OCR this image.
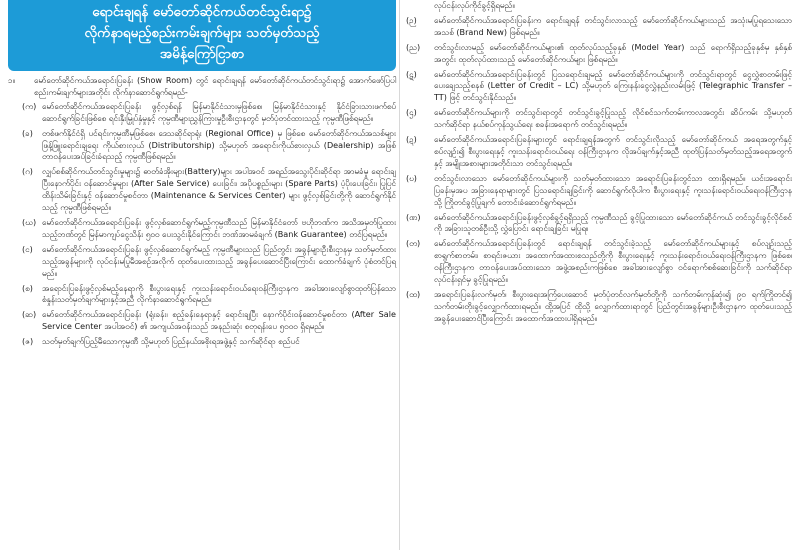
ရောင်းချရန် မော်တော်ဆိုင်ကယ်တင်သွင်းရာ၌
လိုက်နာရမည့်စည်းကမ်းချက်များ သတ်မှတ်သည့်
အမိန့်ကြော်ငြာစာ
၁။	မော်တော်ဆိုင်ကယ်အရောင်းပြခန်း (Show Room) တွင် ရောင်းချရန် မော်တော်ဆိုင်ကယ်တင်သွင်းရာ၌ အောက်ဖော်ပြပါ စည်းကမ်းချက်များအတိုင်း လိုက်နာဆောင်ရွက်ရမည်-
(က) မော်တော်ဆိုင်ကယ်အရောင်းပြခန်း ဖွင့်လှစ်ရန် မြန်မာနိုင်ငံသားမှဖြစ်စေ၊ မြန်မာနိုင်ငံသားနှင့် နိုင်ငံခြားသားဖက်စပ်ဆောင်ရွက်ခြင်းဖြစ်စေ ရင်းနှီးမြှုပ်နှံမှုနှင့် ကုမ္ပဏီများညွှန်ကြားမှုဦးစီးဌာနတွင် မှတ်ပုံတင်ထားသည့် ကုမ္ပဏီဖြစ်ရမည်။
(ခ)	တစ်ဖက်နိုင်ငံရှိ ပင်ရင်းကုမ္ပဏီမှဖြစ်စေ၊ ဒေသဆိုင်ရာရုံး (Regional Office) မှ ဖြစ်စေ မော်တော်ဆိုင်ကယ်အသစ်များ ဖြန့်ဖြူးရောင်းချရေး ကိုယ်စားလှယ် (Distributorship) သို့မဟုတ် အရောင်းကိုယ်စားလှယ် (Dealership) အဖြစ် တာဝန်ပေးအပ်ခြင်းခံရသည့် ကုမ္ပဏီဖြစ်ရမည်။
(ဂ)	လျှပ်စစ်ဆိုင်ကယ်တင်သွင်းမှုများ၌ ဓာတ်ခံအိုးများ(Battery)များ အပါအဝင် အရည်အသွေးပိုင်းဆိုင်ရာ အာမခံမှု ရောင်းချပြီးနောက်ပိုင်း ဝန်ဆောင်မှုများ (After Sale Service) ပေးခြင်း၊ အပိုပစ္စည်းများ (Spare Parts) ပံ့ပိုးပေးခြင်း၊ ပြုပြင်ထိန်းသိမ်းခြင်းနှင့် ဝန်ဆောင်မှုစင်တာ (Maintenance & Services Center) များ ဖွင့်လှစ်ခြင်းတို့ကို ဆောင်ရွက်နိုင်သည့် ကုမ္ပဏီဖြစ်ရမည်။
(ဃ) မော်တော်ဆိုင်ကယ်အရောင်းပြခန်း ဖွင့်လှစ်ဆောင်ရွက်မည့်ကုမ္ပဏီသည် မြန်မာနိုင်ငံတော် ဗဟိုဘဏ်က အသိအမှတ်ပြုထားသည့်ဘဏ်တွင် မြန်မာကျပ်ငွေသိန်း ၅၀၀ ပေးသွင်းနိုင်ကြောင်း ဘဏ်အာမခံချက် (Bank Guarantee) တင်ပြရမည်။
(င)	မော်တော်ဆိုင်ကယ်အရောင်းပြခန်း ဖွင့်လှစ်ဆောင်ရွက်မည့် ကုမ္ပဏီများသည် ပြည်တွင်း အခွန်များဦးစီးဌာနမှ သတ်မှတ်ထားသည့်အခွန်များကို လုပ်ငန်းမပြုမီအစဉ်အလိုက် ထုတ်ပေးထားသည့် အခွန်ပေးဆောင်ပြီးကြောင်း ထောက်ခံချက် ပုံစံတင်ပြရမည်။
(စ)	အရောင်းပြခန်းဖွင့်လှစ်မည့်နေရာကို စီးပွားရေးနှင့် ကူးသန်းရောင်းဝယ်ရေးဝန်ကြီးဌာနက အခါအားလျော်စွာထုတ်ပြန်သော စံနှုန်းသတ်မှတ်ချက်များနှင့်အညီ လိုက်နာဆောင်ရွက်ရမည်။
(ဆ) မော်တော်ဆိုင်ကယ်အရောင်းပြခန်း (ရုံးခန်း၊ စည့်ခန်းနေရာနှင့် ရောင်းချပြီး နောက်ပိုင်းဝန်ဆောင်မှုစင်တာ (After Sale Service Center အပါအဝင်) ၏ အကျယ်အဝန်းသည် အနည်းဆုံး စတုရန်းပေ ၅၀၀၀ ရှိရမည်။
(ဇ)	သတ်မှတ်ချက်ပြည့်မီသောကုမ္ပဏီ သို့မဟုတ် ပြည်နယ်အစိုးရအဖွဲ့နှင့် သက်ဆိုင်ရာ စည်ပင်
လုပ်ငန်းလုပ်ကိုင်ခွင့်ရှိရမည်။
(ဉ)	မော်တော်ဆိုင်ကယ်အရောင်းပြခန်းက ရောင်းချရန် တင်သွင်းလာသည့် မော်တော်ဆိုင်ကယ်များသည် အသုံးမပြုရသေးသောအသစ် (Brand New) ဖြစ်ရမည်။
(ည)	တင်သွင်းလာမည့် မော်တော်ဆိုင်ကယ်များ၏ ထုတ်လုပ်သည့်ခုနှစ် (Model Year) သည် ရောက်ရှိသည့်ခုနှစ်မှ နှစ်နှစ်အတွင်း ထုတ်လုပ်ထားသည့် မော်တော်ဆိုင်ကယ်များ ဖြစ်ရမည်။
(ဋ)	မော်တော်ဆိုင်ကယ်အရောင်းပြခန်းတွင် ပြသရောင်းချမည့် မော်တော်ဆိုင်ကယ်များကို တင်သွင်းရာတွင် ငွေလွှဲစာတမ်းဖြင့်ပေးချေသည့်စနစ် (Letter of Credit – LC) သို့မဟုတ် ကြေးနန်းငွေလွှဲနည်းလမ်းဖြင့် (Telegraphic Transfer – TT) ဖြင့် တင်သွင်းနိုင်သည်။
(ဌ)	မော်တော်ဆိုင်ကယ်များကို တင်သွင်းရာတွင် တင်သွင်းခွင့်ပြုသည့် လိုင်စင်သက်တမ်းကာလအတွင်း ဆိပ်ကမ်း သို့မဟုတ် သက်ဆိုင်ရာ နယ်စပ်ကုန်သွယ်ရေး စခန်းအရောက် တင်သွင်းရမည်။
(ဍ)	မော်တော်ဆိုင်ကယ်အရောင်းပြခန်းများတွင် ရောင်းချရန်အတွက် တင်သွင်းလိုသည့် မော်တော်ဆိုင်ကယ် အရေအတွက်နှင့်စပ်လျဉ်း၍ စီးပွားရေးနှင့် ကူးသန်းရောင်းဝယ်ရေး ဝန်ကြီးဌာနက လိုအပ်ချက်နှင့်အညီ ထုတ်ပြန်သတ်မှတ်သည့်အရေအတွက်နှင့် အမျိုးအစားများအတိုင်းသာ တင်သွင်းရမည်။
(ဎ)	တင်သွင်းလာသော မော်တော်ဆိုင်ကယ်များကို သတ်မှတ်ထားသော အရောင်းပြခန်းတွင်သာ ထားရှိရမည်။ ယင်းအရောင်းပြခန်းမှအပ အခြားနေရာများတွင် ပြသရောင်းချခြင်းကို ဆောင်ရွက်လိုပါက စီးပွားရေးနှင့် ကူးသန်းရောင်းဝယ်ရေးဝန်ကြီးဌာနသို့ ကြိုတင်ခွင့်ပြုချက် တောင်းခံဆောင်ရွက်ရမည်။
(ဏ)	မော်တော်ဆိုင်ကယ်အရောင်းပြခန်းဖွင့်လှစ်ခွင့်ရရှိသည့် ကုမ္ပဏီသည် ခွင့်ပြုထားသော မော်တော်ဆိုင်ကယ် တင်သွင်းခွင့်လိုင်စင်ကို အခြားသူတစ်ဦးသို့ လွှဲပြောင်း ရောင်းချခြင်း မပြုရ။
(တ)	မော်တော်ဆိုင်ကယ်အရောင်းပြခန်းတွင် ရောင်းချရန် တင်သွင်းခဲ့သည့် မော်တော်ဆိုင်ကယ်များနှင့် စပ်လျဉ်းသည့် စာရွက်စာတမ်း၊ စာရင်းဇယား အထောက်အထားစသည်တို့ကို စီးပွားရေးနှင့် ကူးသန်းရောင်းဝယ်ရေးဝန်ကြီးဌာနက ဖြစ်စေ၊ ဝန်ကြီးဌာနက တာဝန်ပေးအပ်ထားသော အဖွဲ့အစည်းကဖြစ်စေ အခါအားလျော်စွာ ဝင်ရောက်စစ်ဆေးခြင်းကို သက်ဆိုင်ရာ လုပ်ငန်းရှင်မှ ခွင့်ပြုရမည်။
(ထ)	အရောင်းပြခန်းလက်မှတ်၊ စီးပွားရေးအကြံပေးဆောင် မှတ်ပုံတင်လက်မှတ်တို့ကို သက်တမ်းကုန်ဆုံး၍ ၉၀ ရက်ကြိုတင်၍ သက်တမ်းတိုးခွင့်လျှောက်ထားရမည်။ ထို့အပြင် ထိုသို့ လျှောက်ထားရာတွင် ပြည်တွင်းအခွန်များဦးစီးဌာနက ထုတ်ပေးသည့် အခွန်ပေးဆောင်ပြီးကြောင်း အထောက်အထားပါရှိရမည်။
